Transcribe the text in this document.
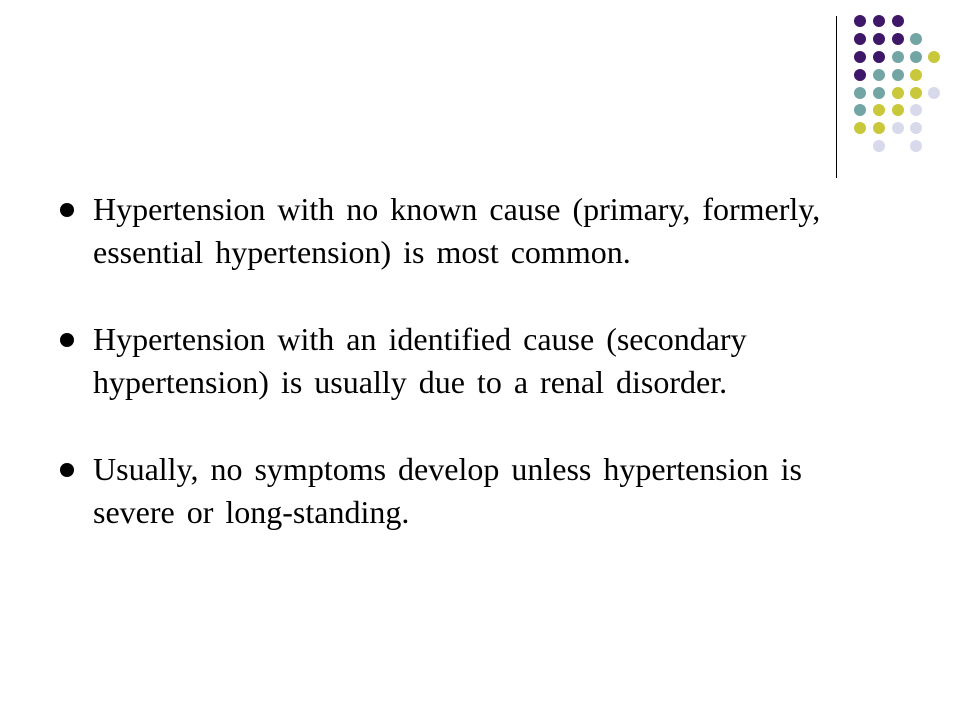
Hypertension with no known cause (primary, formerly, essential hypertension) is most common.
Hypertension with an identified cause (secondary hypertension) is usually due to a renal disorder.
Usually, no symptoms develop unless hypertension is severe or long-standing.
